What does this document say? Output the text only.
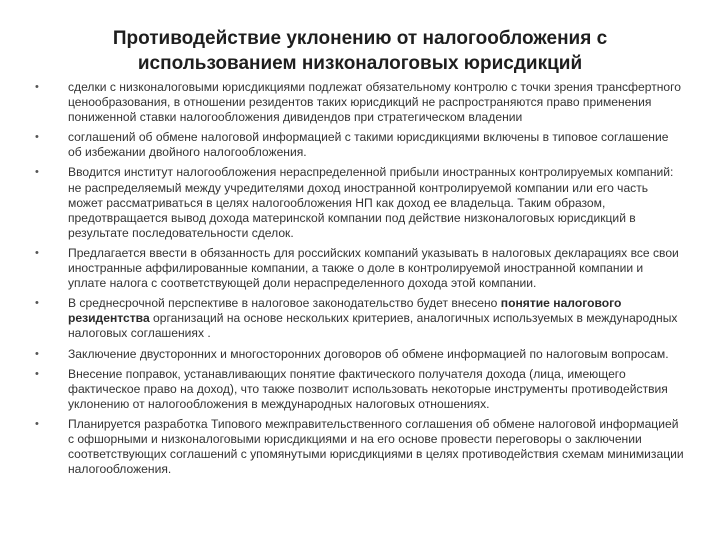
Противодействие уклонению от налогообложения с
использованием низконалоговых юрисдикций
• сделки с низконалоговыми юрисдикциями подлежат обязательному контролю с точки зрения трансфертного ценообразования, в отношении резидентов таких юрисдикций не распространяются право применения пониженной ставки налогообложения дивидендов при стратегическом владении
• соглашений об обмене налоговой информацией с такими юрисдикциями включены в типовое соглашение об избежании двойного налогообложения.
• Вводится институт налогообложения нераспределенной прибыли иностранных контролируемых компаний: не распределяемый между учредителями доход иностранной контролируемой компании или его часть может рассматриваться в целях налогообложения НП как доход ее владельца. Таким образом, предотвращается вывод дохода материнской компании под действие низконалоговых юрисдикций в результате последовательности сделок.
• Предлагается ввести в обязанность для российских компаний указывать в налоговых декларациях все свои иностранные аффилированные компании, а также о доле в контролируемой иностранной компании и уплате налога с соответствующей доли нераспределенного дохода этой компании.
• В среднесрочной перспективе в налоговое законодательство будет внесено понятие налогового резидентства организаций на основе нескольких критериев, аналогичных используемых в международных налоговых соглашениях .
• Заключение двусторонних и многосторонних договоров об обмене информацией по налоговым вопросам.
• Внесение поправок, устанавливающих понятие фактического получателя дохода (лица, имеющего фактическое право на доход), что также позволит использовать некоторые инструменты противодействия уклонению от налогообложения в международных налоговых отношениях.
• Планируется разработка Типового межправительственного соглашения об обмене налоговой информацией с офшорными и низконалоговыми юрисдикциями и на его основе провести переговоры о заключении соответствующих соглашений с упомянутыми юрисдикциями в целях противодействия схемам минимизации налогообложения.
